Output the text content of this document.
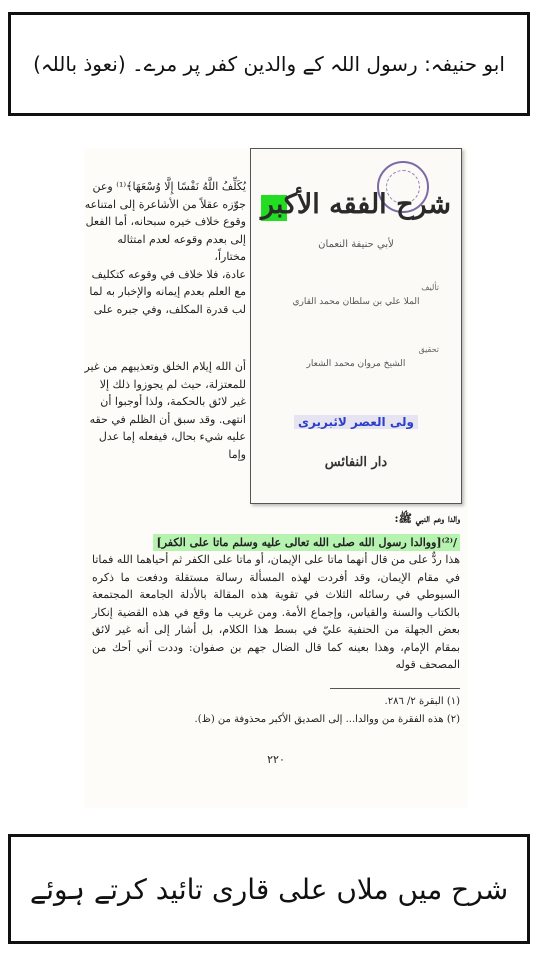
ابو حنیفہ: رسول اللہ کے والدین کفر پر مرے۔ (نعوذ باللہ)
يُكَلِّفُ اللَّهُ نَفْسًا إِلَّا وُسْعَهَا﴾⁽¹⁾ وعن
جوّزه عقلاً من الأشاعرة إلى امتناعه
وقوع خلاف خيره سبحانه، أما الفعل
إلى بعدم وقوعه لعدم امتثاله مختاراً،
عادة، فلا خلاف في وقوعه كتكليف
مع العلم بعدم إيمانه والإخبار به لما
لب قدرة المكلف، وفي جبره على
أن الله إيلام الخلق وتعذيبهم من غير
للمعتزلة، حيث لم يجوزوا ذلك إلا
غير لائق بالحكمة، ولذا أوجبوا أن
انتهى. وقد سبق أن الظلم في حقه
عليه شيء بحال، فيفعله إما عدل وإما
شرح الفقه الأكبر
لأبي حنيفة النعمان
تأليف
الملا علي بن سلطان محمد القاري
تحقيق
الشيخ مروان محمد الشعار
ولی العصر لائبریری
دار النفائس
والدا وعم النبي ﷺ:
/⁽²⁾[ووالدا رسول الله صلى الله تعالى عليه وسلم ماتا على الكفر]
هذا ردٌّ على من قال أنهما ماتا على الإيمان، أو ماتا على الكفر ثم أحياهما الله فماتا في مقام الإيمان، وقد أفردت لهذه المسألة رسالة مستقلة ودفعت ما ذكره السيوطي في رسائله الثلاث في تقوية هذه المقالة بالأدلة الجامعة المجتمعة بالكتاب والسنة والقياس، وإجماع الأمة. ومن غريب ما وقع في هذه القضية إنكار بعض الجهلة من الحنفية عليّ في بسط هذا الكلام، بل أشار إلى أنه غير لائق بمقام الإمام، وهذا بعينه كما قال الضال جهم بن صفوان: وددت أني أحك من المصحف قوله
(١) البقرة ٢/ ٢٨٦.
(٢) هذه الفقرة من ووالدا... إلى الصديق الأكبر محذوفة من (ظ).
٢٢٠
شرح میں ملاں علی قاری تائید کرتے ہوئے
